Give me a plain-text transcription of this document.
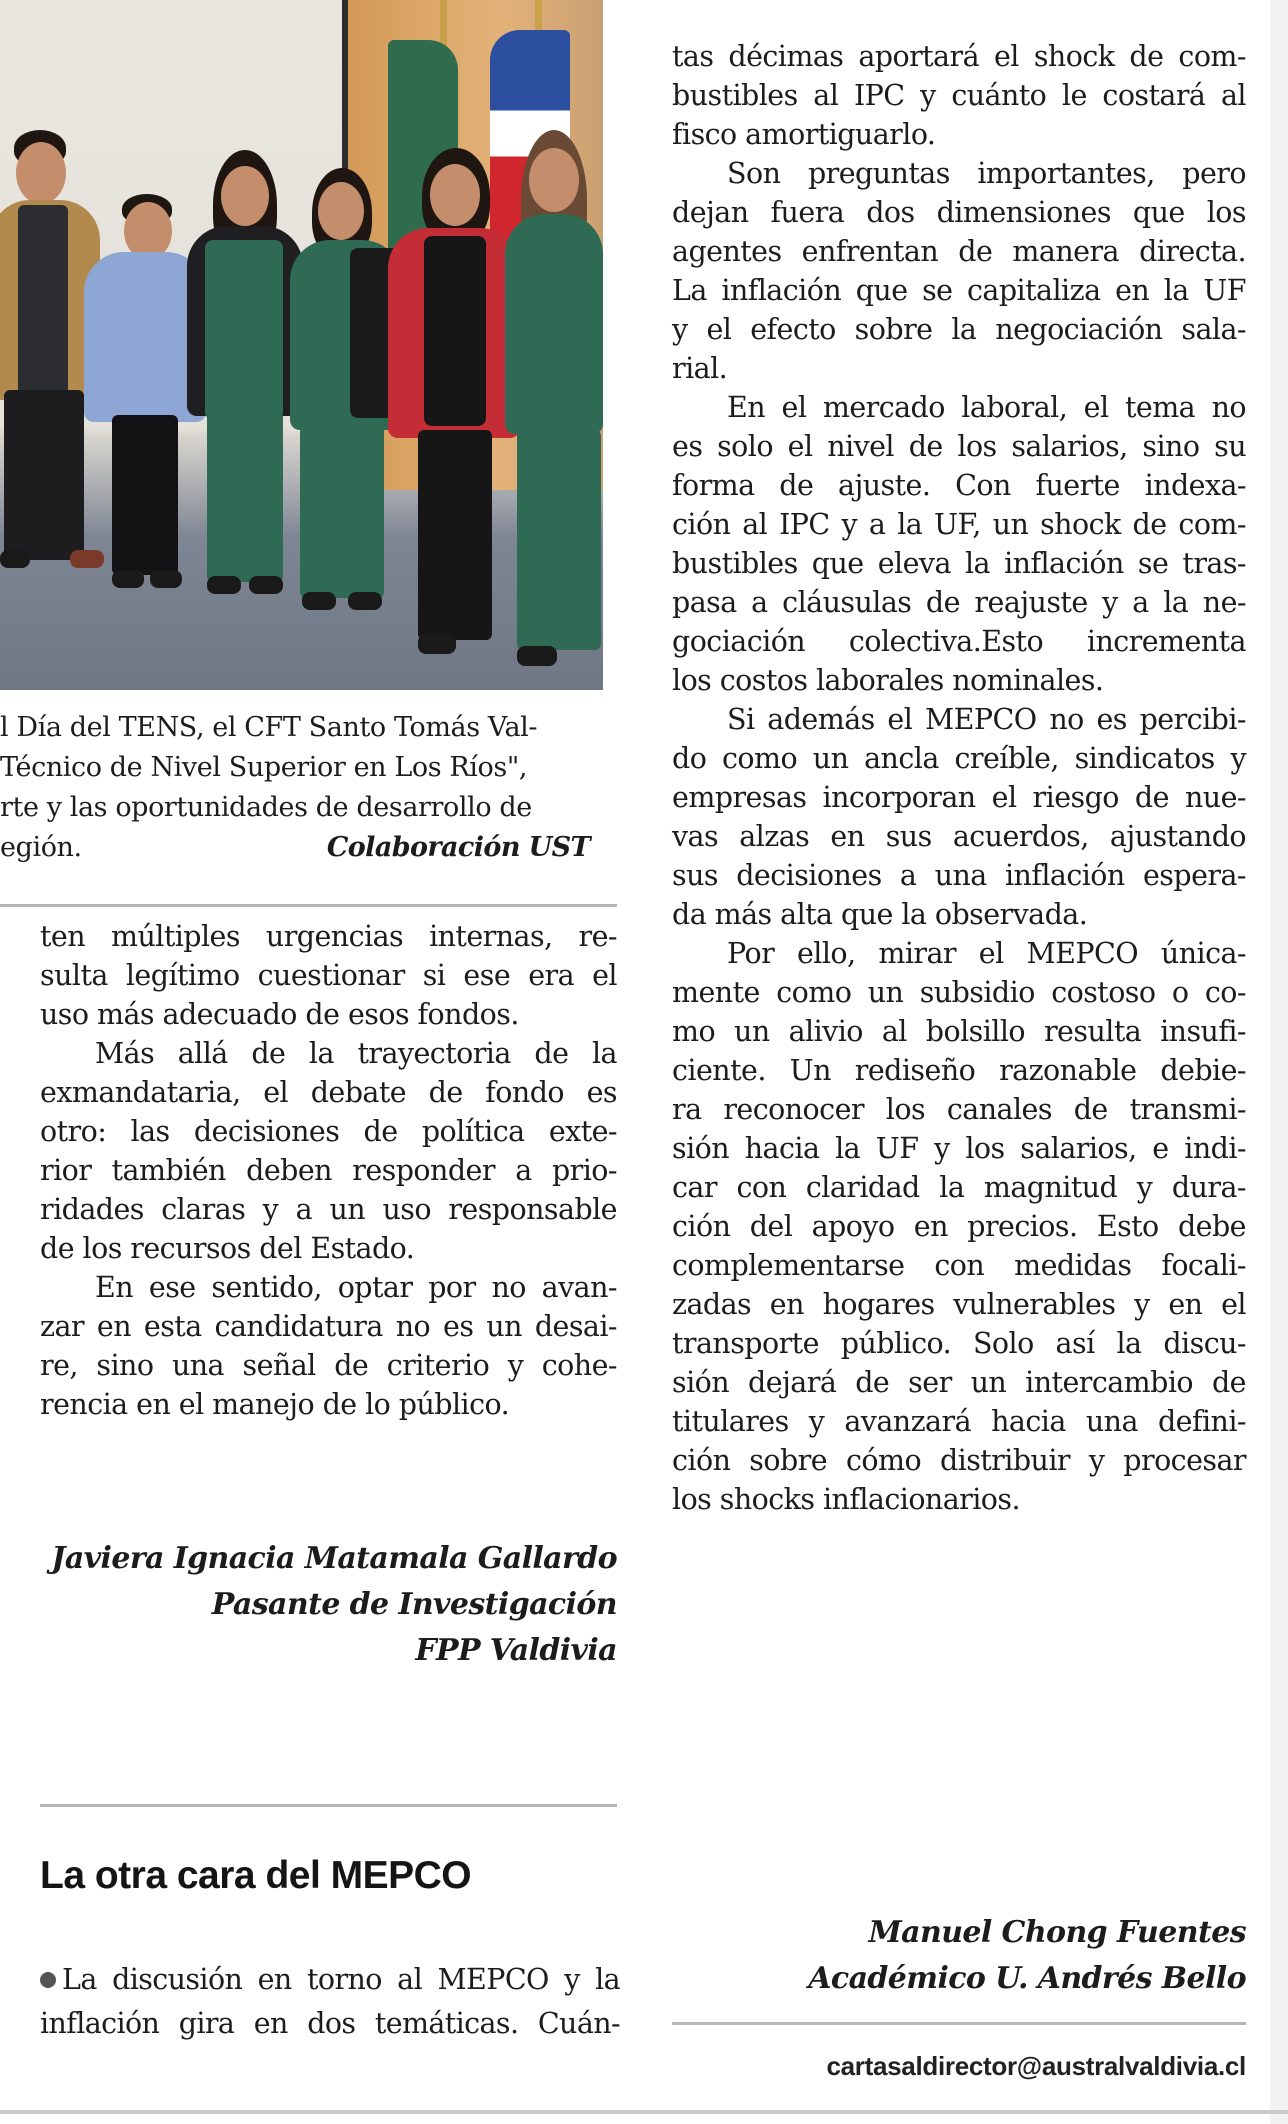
l Día del TENS, el CFT Santo Tomás Val-
Técnico de Nivel Superior en Los Ríos",
rte y las oportunidades de desarrollo de
egión.	Colaboración UST
ten múltiples urgencias internas, re-
sulta legítimo cuestionar si ese era el
uso más adecuado de esos fondos.
Más allá de la trayectoria de la
exmandataria, el debate de fondo es
otro: las decisiones de política exte-
rior también deben responder a prio-
ridades claras y a un uso responsable
de los recursos del Estado.
En ese sentido, optar por no avan-
zar en esta candidatura no es un desai-
re, sino una señal de criterio y cohe-
rencia en el manejo de lo público.
Javiera Ignacia Matamala Gallardo
Pasante de Investigación
FPP Valdivia
La otra cara del MEPCO
La discusión en torno al MEPCO y la
inflación gira en dos temáticas. Cuán-
tas décimas aportará el shock de com-
bustibles al IPC y cuánto le costará al
fisco amortiguarlo.
Son preguntas importantes, pero
dejan fuera dos dimensiones que los
agentes enfrentan de manera directa.
La inflación que se capitaliza en la UF
y el efecto sobre la negociación sala-
rial.
En el mercado laboral, el tema no
es solo el nivel de los salarios, sino su
forma de ajuste. Con fuerte indexa-
ción al IPC y a la UF, un shock de com-
bustibles que eleva la inflación se tras-
pasa a cláusulas de reajuste y a la ne-
gociación colectiva.Esto incrementa
los costos laborales nominales.
Si además el MEPCO no es percibi-
do como un ancla creíble, sindicatos y
empresas incorporan el riesgo de nue-
vas alzas en sus acuerdos, ajustando
sus decisiones a una inflación espera-
da más alta que la observada.
Por ello, mirar el MEPCO única-
mente como un subsidio costoso o co-
mo un alivio al bolsillo resulta insufi-
ciente. Un rediseño razonable debie-
ra reconocer los canales de transmi-
sión hacia la UF y los salarios, e indi-
car con claridad la magnitud y dura-
ción del apoyo en precios. Esto debe
complementarse con medidas focali-
zadas en hogares vulnerables y en el
transporte público. Solo así la discu-
sión dejará de ser un intercambio de
titulares y avanzará hacia una defini-
ción sobre cómo distribuir y procesar
los shocks inflacionarios.
Manuel Chong Fuentes
Académico U. Andrés Bello
cartasaldirector@australvaldivia.cl
